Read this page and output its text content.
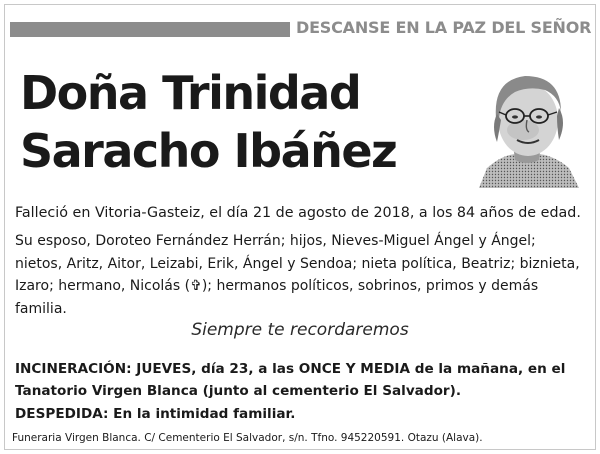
DESCANSE EN LA PAZ DEL SEÑOR
Doña Trinidad
Saracho Ibáñez
Falleció en Vitoria-Gasteiz, el día 21 de agosto de 2018, a los 84 años de edad.
Su esposo, Doroteo Fernández Herrán; hijos, Nieves-Miguel Ángel y Ángel; nietos, Aritz, Aitor, Leizabi, Erik, Ángel y Sendoa; nieta política, Beatriz; biznieta, Izaro; hermano, Nicolás (✞); hermanos políticos, sobrinos, primos y demás familia.
Siempre te recordaremos
INCINERACIÓN: JUEVES, día 23, a las ONCE Y MEDIA de la mañana, en el Tanatorio Virgen Blanca (junto al cementerio El Salvador).
DESPEDIDA: En la intimidad familiar.
Funeraria Virgen Blanca. C/ Cementerio El Salvador, s/n. Tfno. 945220591. Otazu (Alava).
